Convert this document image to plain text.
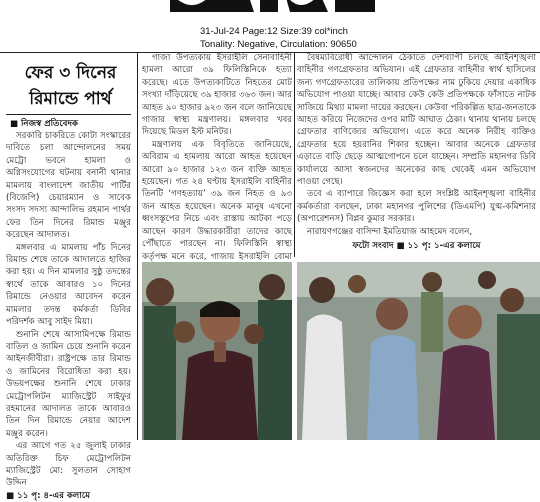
31-Jul-24 Page:12 Size:39 col*inch
Tonality: Negative, Circulation: 90650
ফের ৩ দিনের
রিমান্ডে পার্থ
■ নিজস্ব প্রতিবেদক

সরকারি চাকরিতে কোটা সংস্কারের দাবিতে চলা আন্দোলনের সময় মেট্রো ভবনে হামলা ও অগ্নিসংযোগের ঘটনায় বনানী থানার মামলায় বাংলাদেশ জাতীয় পার্টির (বিজেপি) চেয়ারম্যান ও সাবেক সংসদ সদস্য আন্দালিভ রহমান পার্থর ফের তিন দিনের রিমান্ড মঞ্জুর করেছেন আদালত।

মঙ্গলবার এ মামলায় পাঁচ দিনের রিমান্ড শেষে তাকে আদালতে হাজির করা হয়। এ দিন মামলার সুষ্ঠু তদন্তের স্বার্থে তাকে আবারও ১০ দিনের রিমান্ডে নেওয়ার আবেদন করেন মামলার তদন্ত কর্মকর্তা ডিবির পরিদর্শক আবু সাইদ মিয়া।

শুনানি শেষে আসামিপক্ষে রিমান্ড বাতিল ও জামিন চেয়ে শুনানি করেন আইনজীবীরা। রাষ্ট্রপক্ষে তার রিমান্ড ও জামিনের বিরোধিতা করা হয়। উভয়পক্ষের শুনানি শেষে ঢাকার মেট্রোপলিটন ম্যাজিস্ট্রেট সাইফুর রহমানের আদালত তাকে আবারও তিন দিন রিমান্ডে নেয়ার আদেশ মঞ্জুর করেন।

এর আগে গত ২৫ জুলাই ঢাকার অতিরিক্ত চিফ মেট্রোপলিটন ম্যাজিস্ট্রেট মো: সুলতান সোহাগ উদ্দিন

■ ১১ পৃ: ৪-এর কলামে

গাজা উপত্যকায় ইসরাইলি সেনাবাহিনী হামলা আরো ৩৯ ফিলিস্তিনিকে হত্যা করেছে। এতে উপত্যকাটিতে নিহতের মোট সংখ্যা দাঁড়িয়েছে ৩৯ হাজার ৩৬৩ জন। আর আহত ৯০ হাজার ৯২৩ জন বলে জানিয়েছে গাজার স্বাস্থ্য মন্ত্রণালয়। মঙ্গলবার খবর দিয়েছে মিডল ইস্ট মনিটর।

মন্ত্রণালয় এক বিবৃতিতে জানিয়েছে, অবিরাম এ হামলায় আরো আহত হয়েছেন আরো ৯০ হাজার ১২৩ জন ব্যক্তি আহত হয়েছেন। গত ২৪ ঘণ্টায় ইসরাইলি বাহিনীর তিনটি ‘গণহত্যায়’ ৩৯ জন নিহত ও ৯৩ জন আহত হয়েছেন। অনেক মানুষ এখনো ধ্বংসস্তূপের নিচে এবং রাস্তায় আটকা পড়ে আছেন কারণ উদ্ধারকারীরা তাদের কাছে পৌঁছাতে পারছেন না। ফিলিস্তিনি স্বাস্থ্য কর্তৃপক্ষ মনে করে, গাজায় ইসরাইলি বোমা

বৈষম্যবিরোধী আন্দোলন ঠেকাতে দেশব্যাপী চলছে আইনশৃঙ্খলা বাহিনীর গণগ্রেফতার অভিযান। এই গ্রেফতার বাহিনীর স্বার্থ হাসিলের জন্য গণগ্রেফতারের তালিকায় প্রতিপক্ষের নাম ঢুকিয়ে দেয়ার একাধিক অভিযোগ পাওয়া যাচ্ছে। আবার কেউ কেউ প্রতিপক্ষকে ফাঁসাতে নাটক সাজিয়ে মিথ্যা মামলা দায়ের করছেন। কেউবা পরিকল্পিত ছাত্র-জনতাকে আহত করিয়ে নিজেদের ওপর মাটি আঘাত ঠেকা। থানায় থানায় চলছে গ্রেফতার বাণিজ্যের অভিযোগ। এতে করে অনেক নিরীহ ব্যক্তিও গ্রেফতার হয়ে হয়রানির শিকার হচ্ছেন। আবার অনেকে গ্রেফতার এড়াতে বাড়ি ছেড়ে আত্মগোপনে চলে যাচ্ছেন। সম্প্রতি মহানগর ডিবি কার্যালয়ে আসা স্বজনদের অনেকের কাছ থেকেই এমন অভিযোগ পাওয়া গেছে।

তবে এ ব্যাপারে জিজ্ঞেস করা হলে সংশ্লিষ্ট আইনশৃঙ্খলা বাহিনীর কর্মকর্তারা বলছেন, ঢাকা মহানগর পুলিশের (ডিএমপি) যুগ্ম-কমিশনার (অপারেশনস) বিপ্লব কুমার সরকার।

নারায়ণগঞ্জের বাসিন্দা ইমতিয়াজ আহমেদ বলেন,

ফটো সংবাদ ■ ১১ পৃ: ১-এর কলামে
